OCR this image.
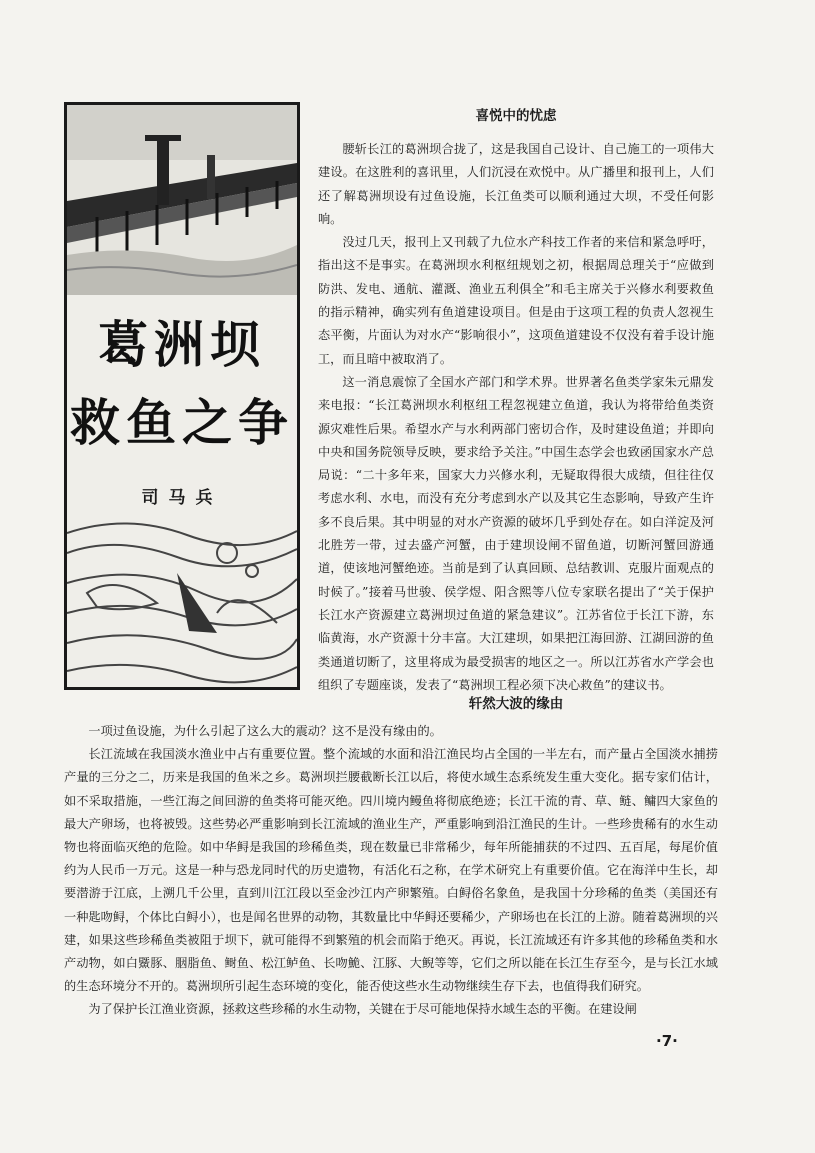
葛洲坝
救鱼之争
司马兵
喜悦中的忧虑

腰斩长江的葛洲坝合拢了，这是我国自己设计、自己施工的一项伟大建设。在这胜利的喜讯里，人们沉浸在欢悦中。从广播里和报刊上，人们还了解葛洲坝设有过鱼设施，长江鱼类可以顺利通过大坝，不受任何影响。

没过几天，报刊上又刊载了九位水产科技工作者的来信和紧急呼吁，指出这不是事实。在葛洲坝水利枢纽规划之初，根据周总理关于“应做到防洪、发电、通航、灌溉、渔业五利俱全”和毛主席关于兴修水利要救鱼的指示精神，确实列有鱼道建设项目。但是由于这项工程的负责人忽视生态平衡，片面认为对水产“影响很小”，这项鱼道建设不仅没有着手设计施工，而且暗中被取消了。

这一消息震惊了全国水产部门和学术界。世界著名鱼类学家朱元鼎发来电报：“长江葛洲坝水利枢纽工程忽视建立鱼道，我认为将带给鱼类资源灾难性后果。希望水产与水利两部门密切合作，及时建设鱼道；并即向中央和国务院领导反映，要求给予关注。”中国生态学会也致函国家水产总局说：“二十多年来，国家大力兴修水利，无疑取得很大成绩，但往往仅考虑水利、水电，而没有充分考虑到水产以及其它生态影响，导致产生许多不良后果。其中明显的对水产资源的破坏几乎到处存在。如白洋淀及河北胜芳一带，过去盛产河蟹，由于建坝设闸不留鱼道，切断河蟹回游通道，使该地河蟹绝迹。当前是到了认真回顾、总结教训、克服片面观点的时候了。”接着马世骏、侯学煜、阳含熙等八位专家联名提出了“关于保护长江水产资源建立葛洲坝过鱼道的紧急建议”。江苏省位于长江下游，东临黄海，水产资源十分丰富。大江建坝，如果把江海回游、江湖回游的鱼类通道切断了，这里将成为最受损害的地区之一。所以江苏省水产学会也组织了专题座谈，发表了“葛洲坝工程必须下决心救鱼”的建议书。

轩然大波的缘由

一项过鱼设施，为什么引起了这么大的震动？这不是没有缘由的。

长江流域在我国淡水渔业中占有重要位置。整个流域的水面和沿江渔民均占全国的一半左右，而产量占全国淡水捕捞产量的三分之二，历来是我国的鱼米之乡。葛洲坝拦腰截断长江以后，将使水域生态系统发生重大变化。据专家们估计，如不采取措施，一些江海之间回游的鱼类将可能灭绝。四川境内鳗鱼将彻底绝迹；长江干流的青、草、鲢、鳙四大家鱼的最大产卵场，也将被毁。这些势必严重影响到长江流域的渔业生产，严重影响到沿江渔民的生计。一些珍贵稀有的水生动物也将面临灭绝的危险。如中华鲟是我国的珍稀鱼类，现在数量已非常稀少，每年所能捕获的不过四、五百尾，每尾价值约为人民币一万元。这是一种与恐龙同时代的历史遗物，有活化石之称，在学术研究上有重要价值。它在海洋中生长，却要潜游于江底，上溯几千公里，直到川江江段以至金沙江内产卵繁殖。白鲟俗名象鱼，是我国十分珍稀的鱼类（美国还有一种匙吻鲟，个体比白鲟小），也是闻名世界的动物，其数量比中华鲟还要稀少，产卵场也在长江的上游。随着葛洲坝的兴建，如果这些珍稀鱼类被阻于坝下，就可能得不到繁殖的机会而陷于绝灭。再说，长江流域还有许多其他的珍稀鱼类和水产动物，如白鱀豚、胭脂鱼、鲥鱼、松江鲈鱼、长吻鮠、江豚、大鲵等等，它们之所以能在长江生存至今，是与长江水域的生态环境分不开的。葛洲坝所引起生态环境的变化，能否使这些水生动物继续生存下去，也值得我们研究。

为了保护长江渔业资源，拯救这些珍稀的水生动物，关键在于尽可能地保持水域生态的平衡。在建设闸

·7·
